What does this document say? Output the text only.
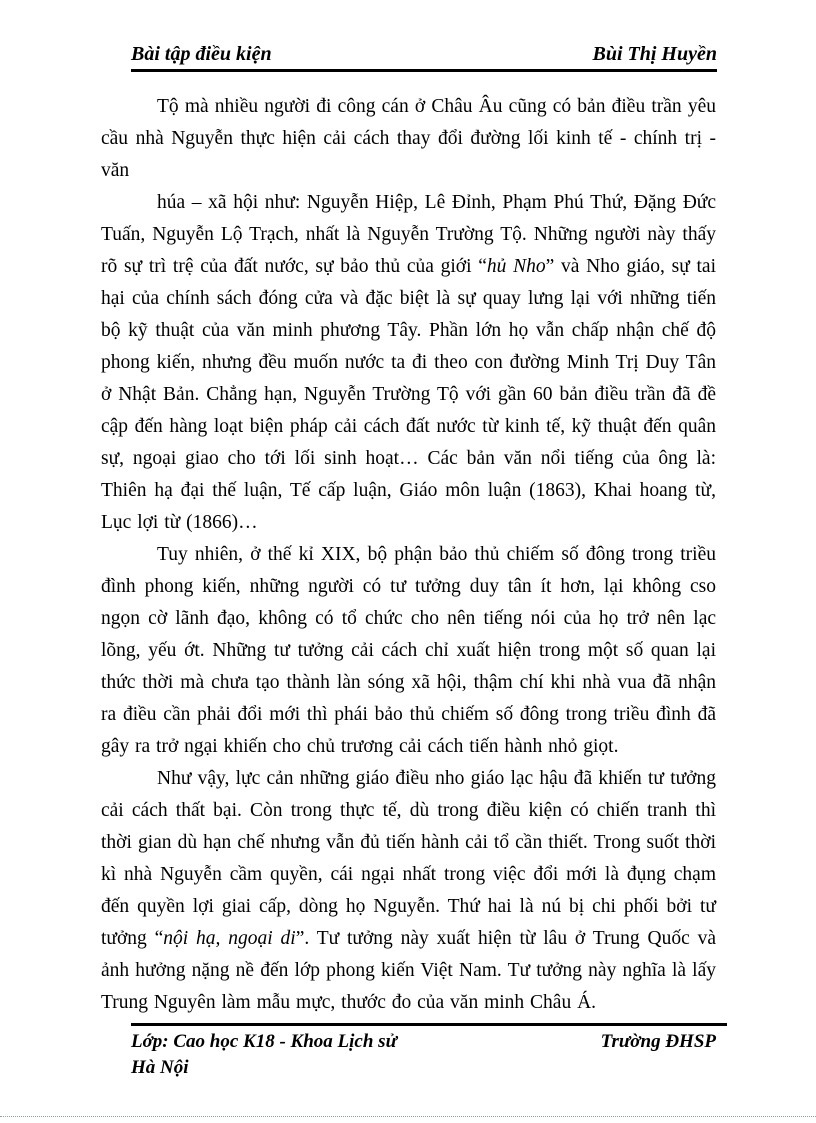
Bài tập điều kiện	Bùi Thị Huyền

Tộ mà nhiều người đi công cán ở Châu Âu cũng có bản điều trần yêu cầu nhà Nguyễn thực hiện cải cách thay đổi đường lối kinh tế - chính trị - văn

húa – xã hội như: Nguyễn Hiệp, Lê Đỉnh, Phạm Phú Thứ, Đặng Đức Tuấn, Nguyễn Lộ Trạch, nhất là Nguyễn Trường Tộ. Những người này thấy rõ sự trì trệ của đất nước, sự bảo thủ của giới “hủ Nho” và Nho giáo, sự tai hại của chính sách đóng cửa và đặc biệt là sự quay lưng lại với những tiến bộ kỹ thuật của văn minh phương Tây. Phần lớn họ vẫn chấp nhận chế độ phong kiến, nhưng đều muốn nước ta đi theo con đường Minh Trị Duy Tân ở Nhật Bản. Chẳng hạn, Nguyễn Trường Tộ với gần 60 bản điều trần đã đề cập đến hàng loạt biện pháp cải cách đất nước từ kinh tế, kỹ thuật đến quân sự, ngoại giao cho tới lối sinh hoạt… Các bản văn nổi tiếng của ông là: Thiên hạ đại thế luận, Tế cấp luận, Giáo môn luận (1863), Khai hoang từ, Lục lợi từ (1866)…

Tuy nhiên, ở thế kỉ XIX, bộ phận bảo thủ chiếm số đông trong triều đình phong kiến, những người có tư tưởng duy tân ít hơn, lại không cso ngọn cờ lãnh đạo, không có tổ chức cho nên tiếng nói của họ trở nên lạc lõng, yếu ớt. Những tư tưởng cải cách chỉ xuất hiện trong một số quan lại thức thời mà chưa tạo thành làn sóng xã hội, thậm chí khi nhà vua đã nhận ra điều cần phải đổi mới thì phái bảo thủ chiếm số đông trong triều đình đã gây ra trở ngại khiến cho chủ trương cải cách tiến hành nhỏ giọt.

Như vậy, lực cản những giáo điều nho giáo lạc hậu đã khiến tư tưởng cải cách thất bại. Còn trong thực tế, dù trong điều kiện có chiến tranh thì thời gian dù hạn chế nhưng vẫn đủ tiến hành cải tổ cần thiết. Trong suốt thời kì nhà Nguyễn cầm quyền, cái ngại nhất trong việc đổi mới là đụng chạm đến quyền lợi giai cấp, dòng họ Nguyễn. Thứ hai là nú bị chi phối bởi tư tưởng “nội hạ, ngoại di”. Tư tưởng này xuất hiện từ lâu ở Trung Quốc và ảnh hưởng nặng nề đến lớp phong kiến Việt Nam. Tư tưởng này nghĩa là lấy Trung Nguyên làm mẫu mực, thước đo của văn minh Châu Á.

Lớp: Cao học K18 - Khoa Lịch sử	Trường ĐHSP
Hà Nội
